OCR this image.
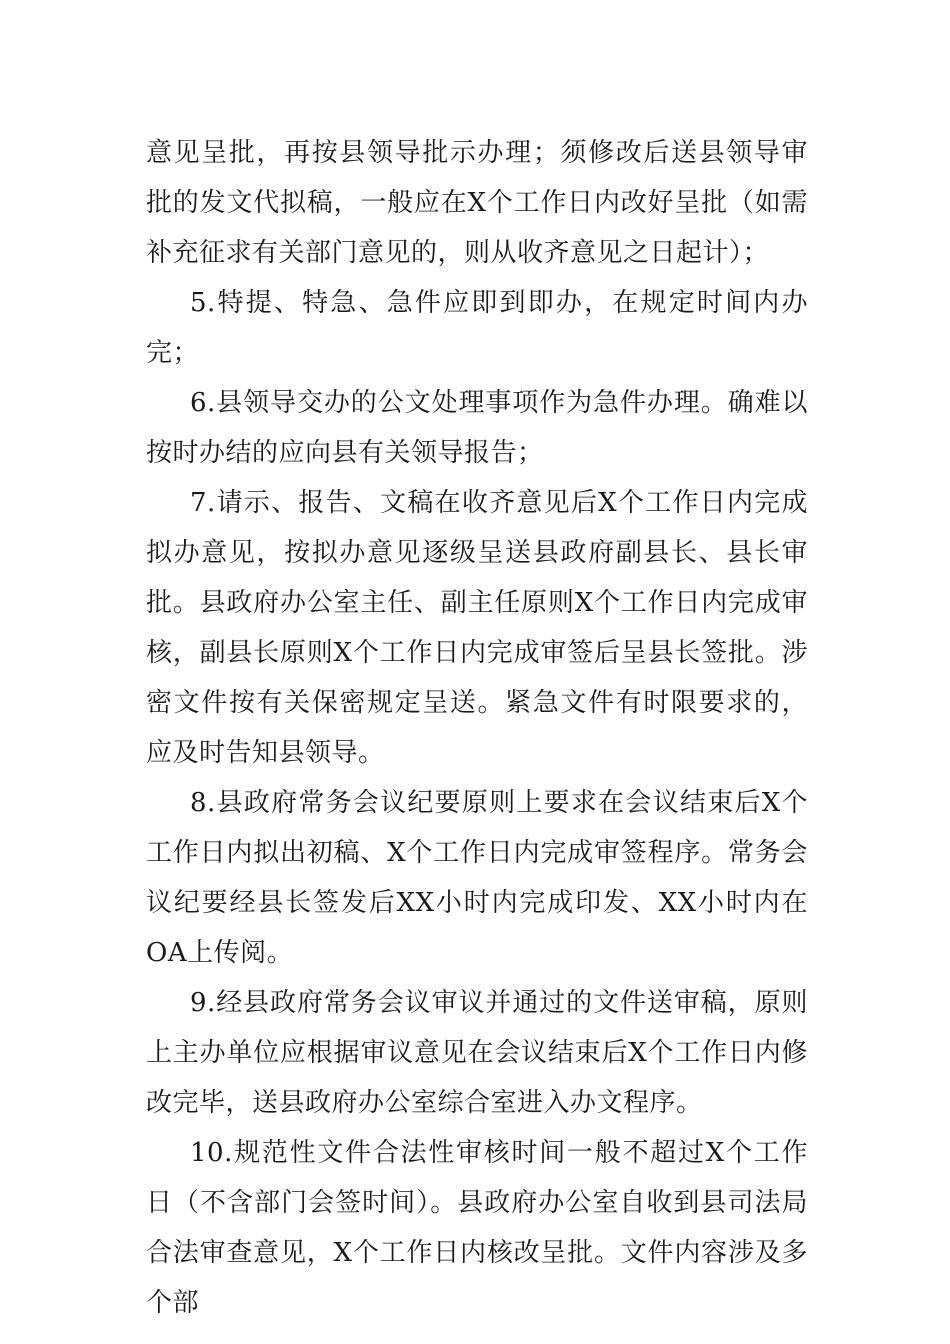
意见呈批，再按县领导批示办理；须修改后送县领导审批的发文代拟稿，一般应在X个工作日内改好呈批（如需补充征求有关部门意见的，则从收齐意见之日起计）；

5.特提、特急、急件应即到即办，在规定时间内办完；

6.县领导交办的公文处理事项作为急件办理。确难以按时办结的应向县有关领导报告；

7.请示、报告、文稿在收齐意见后X个工作日内完成拟办意见，按拟办意见逐级呈送县政府副县长、县长审批。县政府办公室主任、副主任原则X个工作日内完成审核，副县长原则X个工作日内完成审签后呈县长签批。涉密文件按有关保密规定呈送。紧急文件有时限要求的，应及时告知县领导。

8.县政府常务会议纪要原则上要求在会议结束后X个工作日内拟出初稿、X个工作日内完成审签程序。常务会议纪要经县长签发后XX小时内完成印发、XX小时内在OA上传阅。

9.经县政府常务会议审议并通过的文件送审稿，原则上主办单位应根据审议意见在会议结束后X个工作日内修改完毕，送县政府办公室综合室进入办文程序。

10.规范性文件合法性审核时间一般不超过X个工作日（不含部门会签时间）。县政府办公室自收到县司法局合法审查意见，X个工作日内核改呈批。文件内容涉及多个部
